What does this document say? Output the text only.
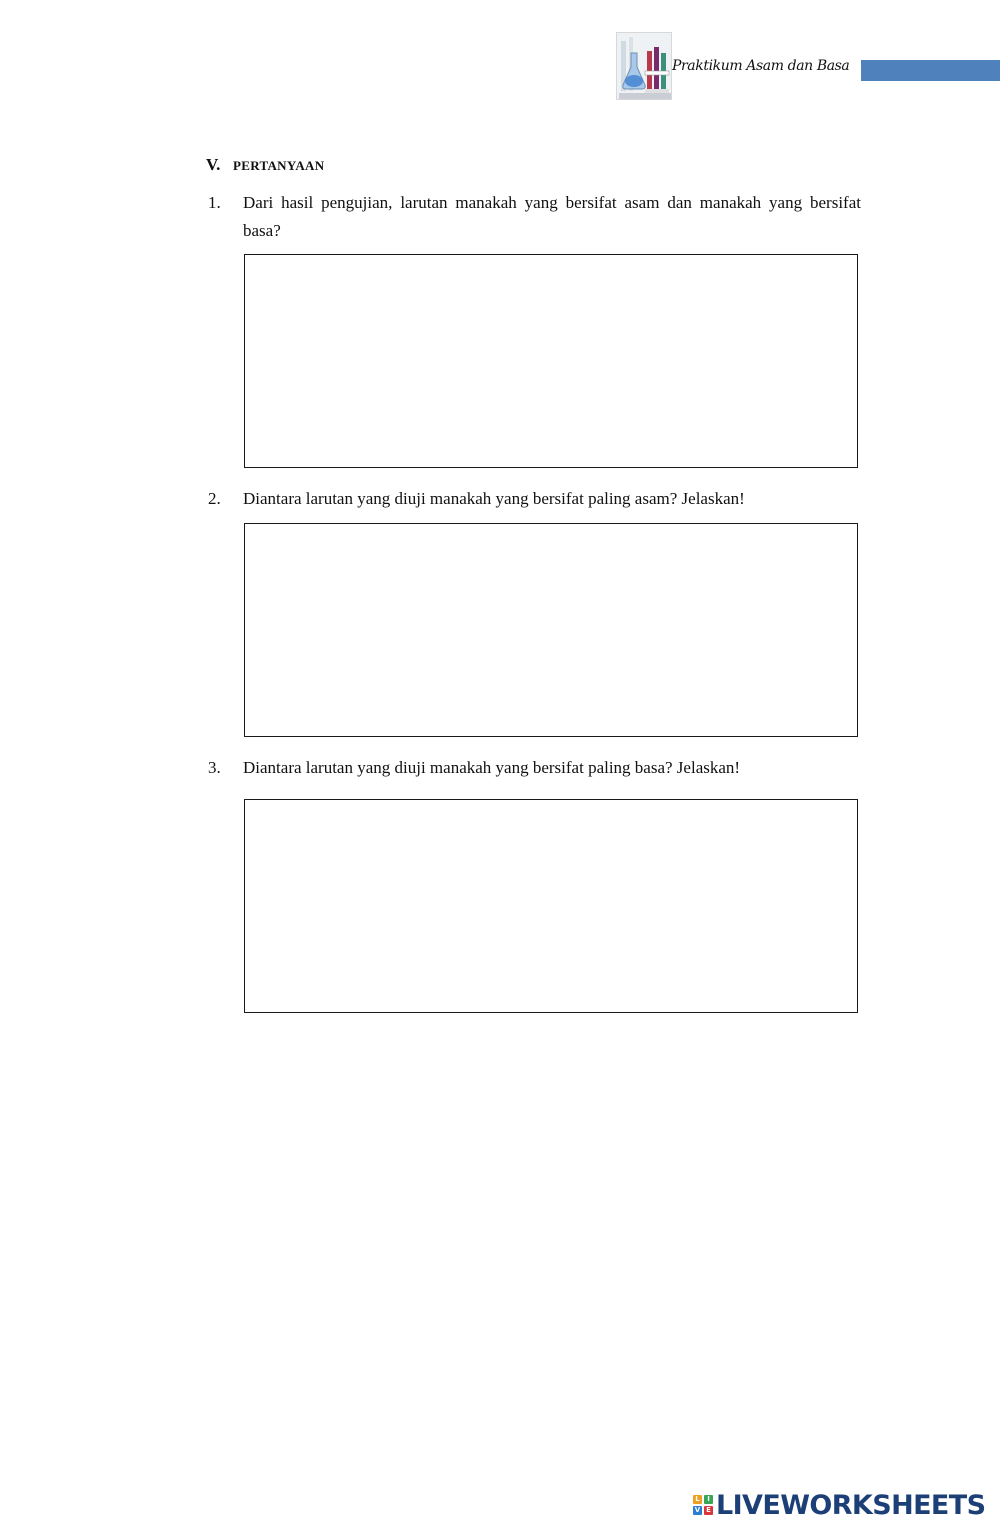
Praktikum Asam dan Basa
V. PERTANYAAN
1. Dari hasil pengujian, larutan manakah yang bersifat asam dan manakah yang bersifat basa?
2. Diantara larutan yang diuji manakah yang bersifat paling asam? Jelaskan!
3. Diantara larutan yang diuji manakah yang bersifat paling basa? Jelaskan!
L	I
V E LIVEWORKSHEETS
